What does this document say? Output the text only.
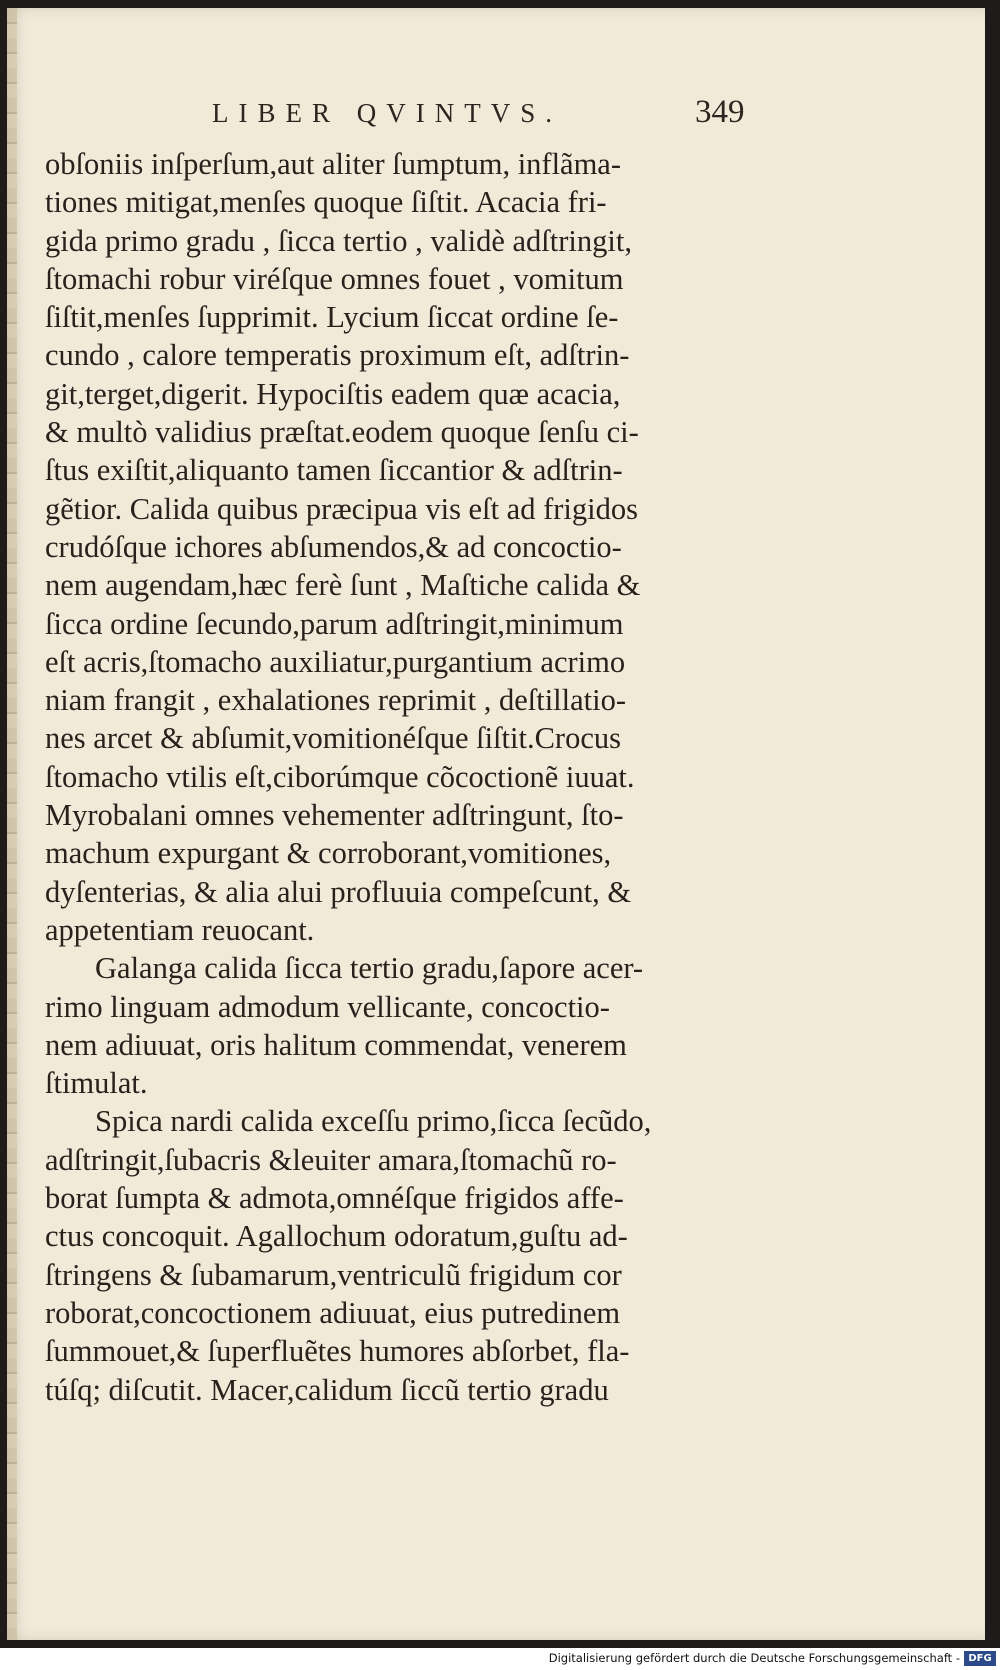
LIBER QVINTVS.	349
obſoniis inſperſum,aut aliter ſumptum, inflãma-
tiones mitigat,menſes quoque ſiſtit. Acacia fri-
gida primo gradu , ſicca tertio , validè adſtringit,
ſtomachi robur viréſque omnes fouet , vomitum
ſiſtit,menſes ſupprimit. Lycium ſiccat ordine ſe-
cundo , calore temperatis proximum eſt, adſtrin-
git,terget,digerit. Hypociſtis eadem quæ acacia,
& multò validius præſtat.eodem quoque ſenſu ci-
ſtus exiſtit,aliquanto tamen ſiccantior & adſtrin-
gẽtior. Calida quibus præcipua vis eſt ad frigidos
crudóſque ichores abſumendos,& ad concoctio-
nem augendam,hæc ferè ſunt , Maſtiche calida &
ſicca ordine ſecundo,parum adſtringit,minimum
eſt acris,ſtomacho auxiliatur,purgantium acrimo
niam frangit , exhalationes reprimit , deſtillatio-
nes arcet & abſumit,vomitionéſque ſiſtit.Crocus
ſtomacho vtilis eſt,ciborúmque cõcoctionẽ iuuat.
Myrobalani omnes vehementer adſtringunt, ſto-
machum expurgant & corroborant,vomitiones,
dyſenterias, & alia alui profluuia compeſcunt, &
appetentiam reuocant.
Galanga calida ſicca tertio gradu,ſapore acer-
rimo linguam admodum vellicante, concoctio-
nem adiuuat, oris halitum commendat, venerem
ſtimulat.
Spica nardi calida exceſſu primo,ſicca ſecũdo,
adſtringit,ſubacris &leuiter amara,ſtomachũ ro-
borat ſumpta & admota,omnéſque frigidos affe-
ctus concoquit. Agallochum odoratum,guſtu ad-
ſtringens & ſubamarum,ventriculũ frigidum cor
roborat,concoctionem adiuuat, eius putredinem
ſummouet,& ſuperfluẽtes humores abſorbet, fla-
túſq; diſcutit. Macer,calidum ſiccũ tertio gradu
Digitalisierung gefördert durch die Deutsche Forschungsgemeinschaft - DFG
